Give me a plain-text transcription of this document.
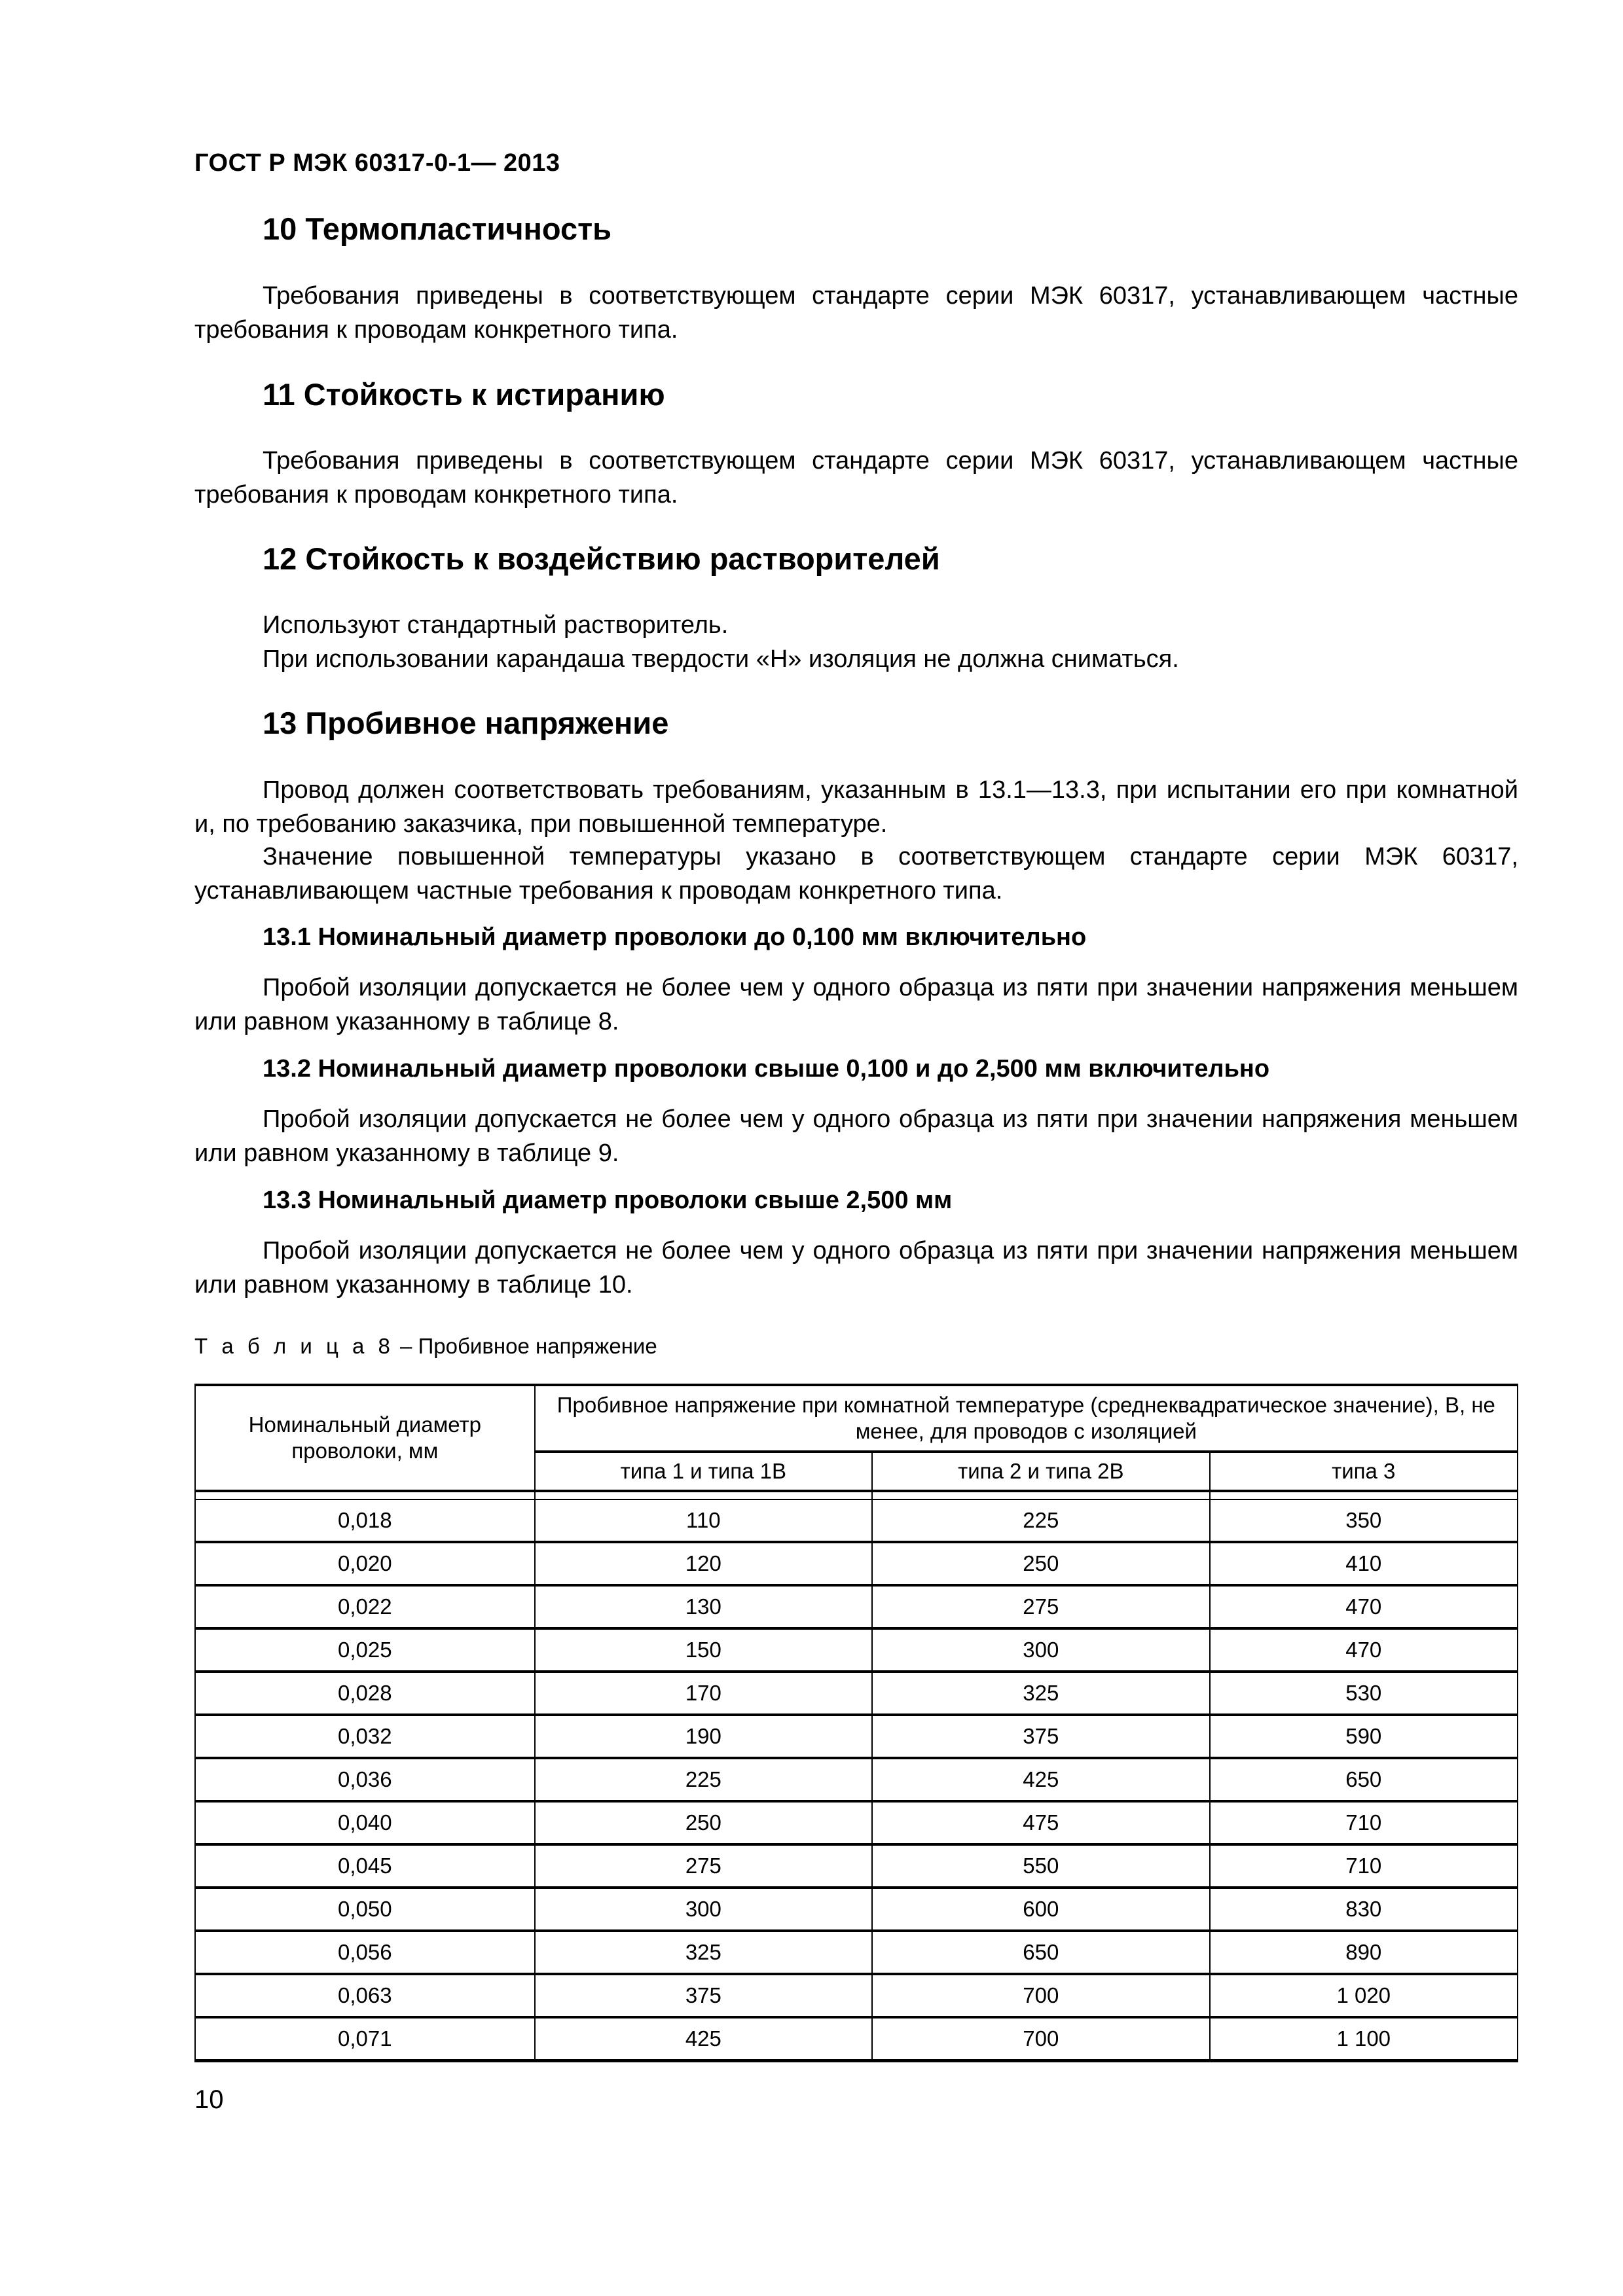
ГОСТ Р МЭК 60317-0-1— 2013
10 Термопластичность
Требования приведены в соответствующем стандарте серии МЭК 60317, устанавливающем частные требования к проводам конкретного типа.
11 Стойкость к истиранию
Требования приведены в соответствующем стандарте серии МЭК 60317, устанавливающем частные требования к проводам конкретного типа.
12 Стойкость к воздействию растворителей
Используют стандартный растворитель.
При использовании карандаша твердости «Н» изоляция не должна сниматься.
13 Пробивное напряжение
Провод должен соответствовать требованиям, указанным в 13.1—13.3, при испытании его при комнатной и, по требованию заказчика, при повышенной температуре.
Значение повышенной температуры указано в соответствующем стандарте серии МЭК 60317, устанавливающем частные требования к проводам конкретного типа.
13.1 Номинальный диаметр проволоки до 0,100 мм включительно
Пробой изоляции допускается не более чем у одного образца из пяти при значении напряжения меньшем или равном указанному в таблице 8.
13.2 Номинальный диаметр проволоки свыше 0,100 и до 2,500 мм включительно
Пробой изоляции допускается не более чем у одного образца из пяти при значении напряжения меньшем или равном указанному в таблице 9.
13.3 Номинальный диаметр проволоки свыше 2,500 мм
Пробой изоляции допускается не более чем у одного образца из пяти при значении напряжения меньшем или равном указанному в таблице 10.
Т а б л и ц а 8 – Пробивное напряжение
Номинальный диаметр проволоки, мм	Пробивное напряжение при комнатной температуре (среднеквадратическое значение), В, не менее, для проводов с изоляцией		
	типа 1 и типа 1В	типа 2 и типа 2В	типа 3

0,018	110	225	350
0,020	120	250	410
0,022	130	275	470
0,025	150	300	470
0,028	170	325	530
0,032	190	375	590
0,036	225	425	650
0,040	250	475	710
0,045	275	550	710
0,050	300	600	830
0,056	325	650	890
0,063	375	700	1 020
0,071	425	700	1 100
10
